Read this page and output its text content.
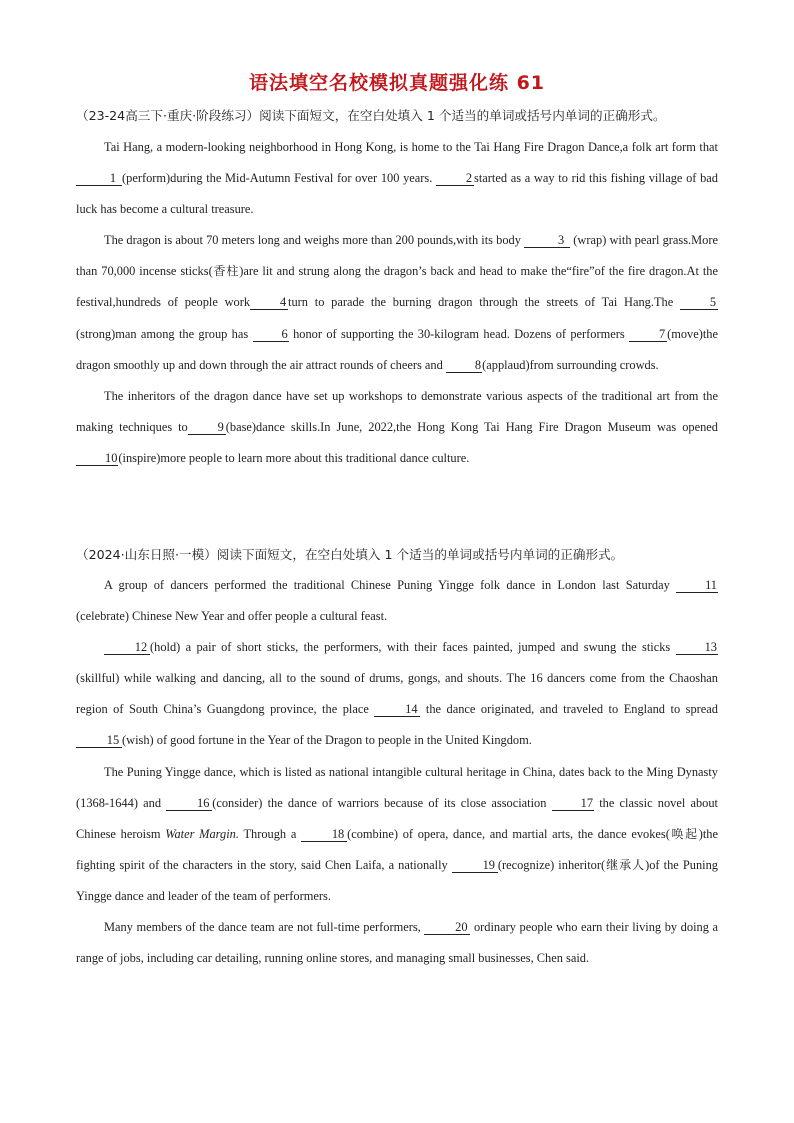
语法填空名校模拟真题强化练 61
（23-24高三下·重庆·阶段练习）阅读下面短文，在空白处填入 1 个适当的单词或括号内单词的正确形式。

Tai Hang, a modern-looking neighborhood in Hong Kong, is home to the Tai Hang Fire Dragon Dance,a folk art form that 1 (perform)during the Mid-Autumn Festival for over 100 years.	2 started as a way to rid this fishing village of bad luck has become a cultural treasure.

The dragon is about 70 meters long and weighs more than 200 pounds,with its body	3 (wrap) with pearl grass.More than 70,000 incense sticks(香柱)are lit and strung along the dragon’s back and head to make the“fire”of the fire dragon.At the festival,hundreds of people work 4 turn to parade the burning dragon through the streets of Tai Hang.The	5(strong)man among the group has	6 honor of supporting the 30-kilogram head. Dozens of performers	7 (move)the dragon smoothly up and down through the air attract rounds of cheers and	8(applaud)from surrounding crowds.

The inheritors of the dragon dance have set up workshops to demonstrate various aspects of the traditional art from the making techniques to 9 (base)dance skills.In June, 2022,the Hong Kong Tai Hang Fire Dragon Museum was opened10(inspire)more people to learn more about this traditional dance culture.

（2024·山东日照·一模）阅读下面短文，在空白处填入 1 个适当的单词或括号内单词的正确形式。

A group of dancers performed the traditional Chinese Puning Yingge folk dance in London last Saturday	11(celebrate) Chinese New Year and offer people a cultural feast.

12 (hold) a pair of short sticks, the performers, with their faces painted, jumped and swung the sticks	13(skillful) while walking and dancing, all to the sound of drums, gongs, and shouts. The 16 dancers come from the Chaoshan region of South China’s Guangdong province, the place	14 the dance originated, and traveled to England to spread 15 (wish) of good fortune in the Year of the Dragon to people in the United Kingdom.

The Puning Yingge dance, which is listed as national intangible cultural heritage in China, dates back to the Ming Dynasty (1368-1644) and	16 (consider) the dance of warriors because of its close association	17 the classic novel about Chinese heroism Water Margin. Through a	18 (combine) of opera, dance, and martial arts, the dance evokes(唤起)the fighting spirit of the characters in the story, said Chen Laifa, a nationally	19 (recognize) inheritor(继承人)of the Puning Yingge dance and leader of the team of performers.

Many members of the dance team are not full-time performers,	20 ordinary people who earn their living by doing a range of jobs, including car detailing, running online stores, and managing small businesses, Chen said.
